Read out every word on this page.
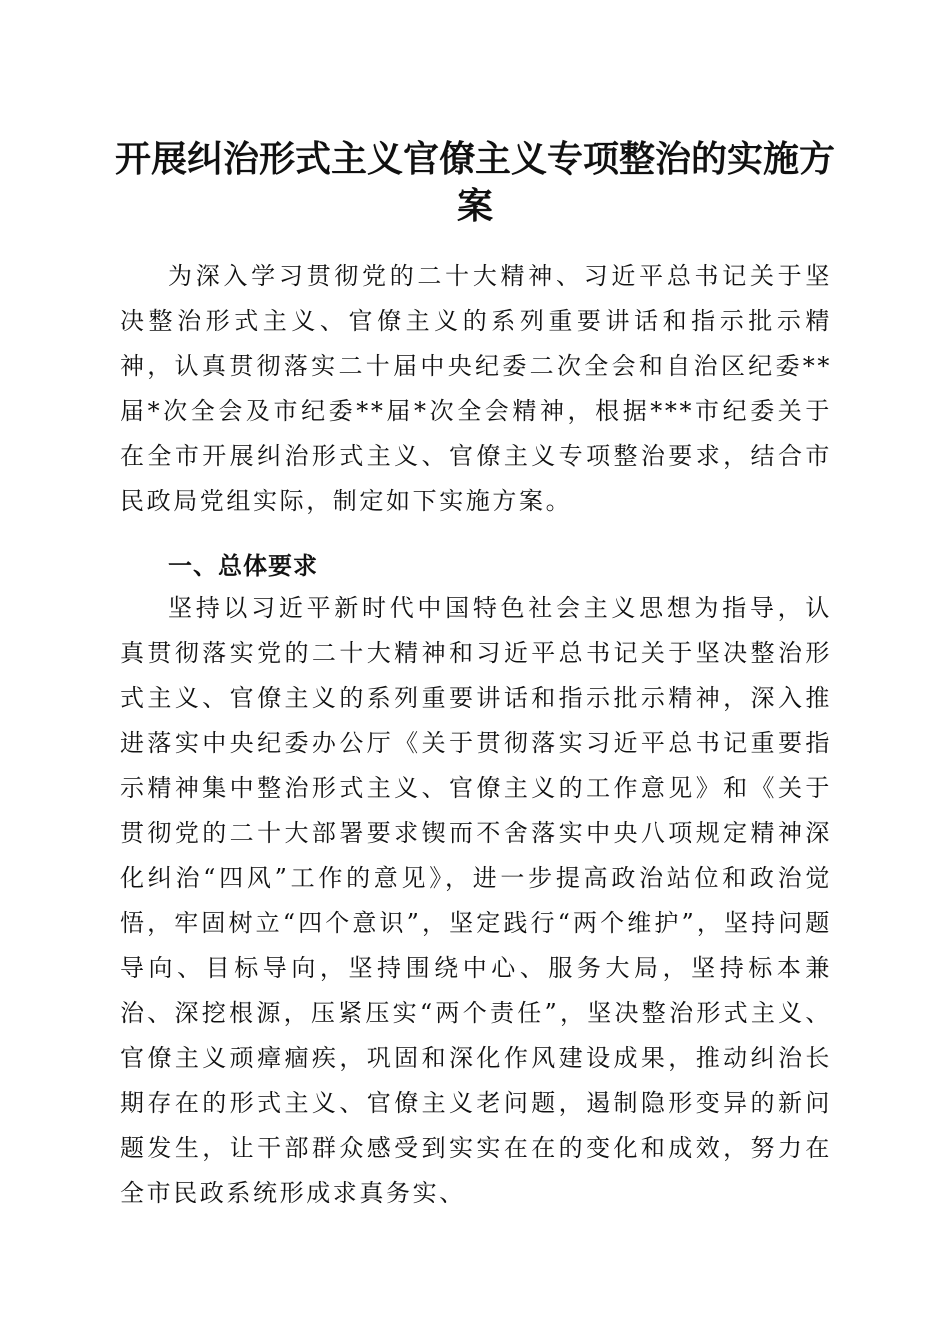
开展纠治形式主义官僚主义专项整治的实施方案

为深入学习贯彻党的二十大精神、习近平总书记关于坚决整治形式主义、官僚主义的系列重要讲话和指示批示精神，认真贯彻落实二十届中央纪委二次全会和自治区纪委**届*次全会及市纪委**届*次全会精神，根据***市纪委关于在全市开展纠治形式主义、官僚主义专项整治要求，结合市民政局党组实际，制定如下实施方案。

一、总体要求

坚持以习近平新时代中国特色社会主义思想为指导，认真贯彻落实党的二十大精神和习近平总书记关于坚决整治形式主义、官僚主义的系列重要讲话和指示批示精神，深入推进落实中央纪委办公厅《关于贯彻落实习近平总书记重要指示精神集中整治形式主义、官僚主义的工作意见》和《关于贯彻党的二十大部署要求锲而不舍落实中央八项规定精神深化纠治“四风”工作的意见》，进一步提高政治站位和政治觉悟，牢固树立“四个意识”，坚定践行“两个维护”，坚持问题导向、目标导向，坚持围绕中心、服务大局，坚持标本兼治、深挖根源，压紧压实“两个责任”，坚决整治形式主义、官僚主义顽瘴痼疾，巩固和深化作风建设成果，推动纠治长期存在的形式主义、官僚主义老问题，遏制隐形变异的新问题发生，让干部群众感受到实实在在的变化和成效，努力在全市民政系统形成求真务实、
